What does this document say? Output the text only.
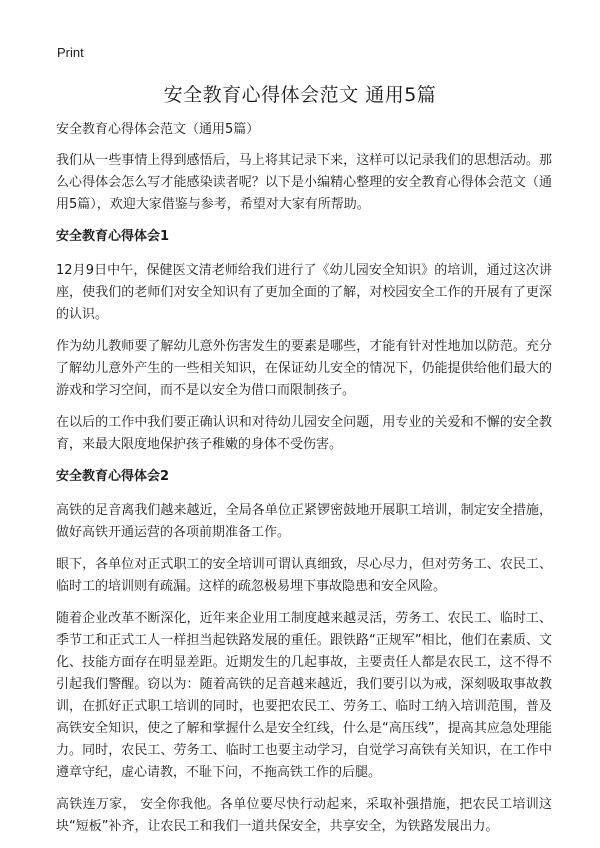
Print

安全教育心得体会范文 通用5篇

安全教育心得体会范文（通用5篇）

我们从一些事情上得到感悟后，马上将其记录下来，这样可以记录我们的思想活动。那么心得体会怎么写才能感染读者呢？以下是小编精心整理的安全教育心得体会范文（通用5篇），欢迎大家借鉴与参考，希望对大家有所帮助。

安全教育心得体会1

12月9日中午，保健医文清老师给我们进行了《幼儿园安全知识》的培训，通过这次讲座，使我们的老师们对安全知识有了更加全面的了解，对校园安全工作的开展有了更深的认识。

作为幼儿教师要了解幼儿意外伤害发生的要素是哪些，才能有针对性地加以防范。充分了解幼儿意外产生的一些相关知识，在保证幼儿安全的情况下，仍能提供给他们最大的游戏和学习空间，而不是以安全为借口而限制孩子。

在以后的工作中我们要正确认识和对待幼儿园安全问题，用专业的关爱和不懈的安全教育，来最大限度地保护孩子稚嫩的身体不受伤害。

安全教育心得体会2

高铁的足音离我们越来越近，全局各单位正紧锣密鼓地开展职工培训，制定安全措施，做好高铁开通运营的各项前期准备工作。

眼下，各单位对正式职工的安全培训可谓认真细致，尽心尽力，但对劳务工、农民工、临时工的培训则有疏漏。这样的疏忽极易埋下事故隐患和安全风险。

随着企业改革不断深化，近年来企业用工制度越来越灵活，劳务工、农民工、临时工、季节工和正式工人一样担当起铁路发展的重任。跟铁路“正规军”相比，他们在素质、文化、技能方面存在明显差距。近期发生的几起事故，主要责任人都是农民工，这不得不引起我们警醒。窃以为：随着高铁的足音越来越近，我们要引以为戒，深刻吸取事故教训，在抓好正式职工培训的同时，也要把农民工、劳务工、临时工纳入培训范围，普及高铁安全知识，使之了解和掌握什么是安全红线，什么是“高压线”，提高其应急处理能力。同时，农民工、劳务工、临时工也要主动学习，自觉学习高铁有关知识，在工作中遵章守纪，虚心请教，不耻下问，不拖高铁工作的后腿。

高铁连万家， 安全你我他。各单位要尽快行动起来，采取补强措施，把农民工培训这块“短板”补齐，让农民工和我们一道共保安全，共享安全，为铁路发展出力。
